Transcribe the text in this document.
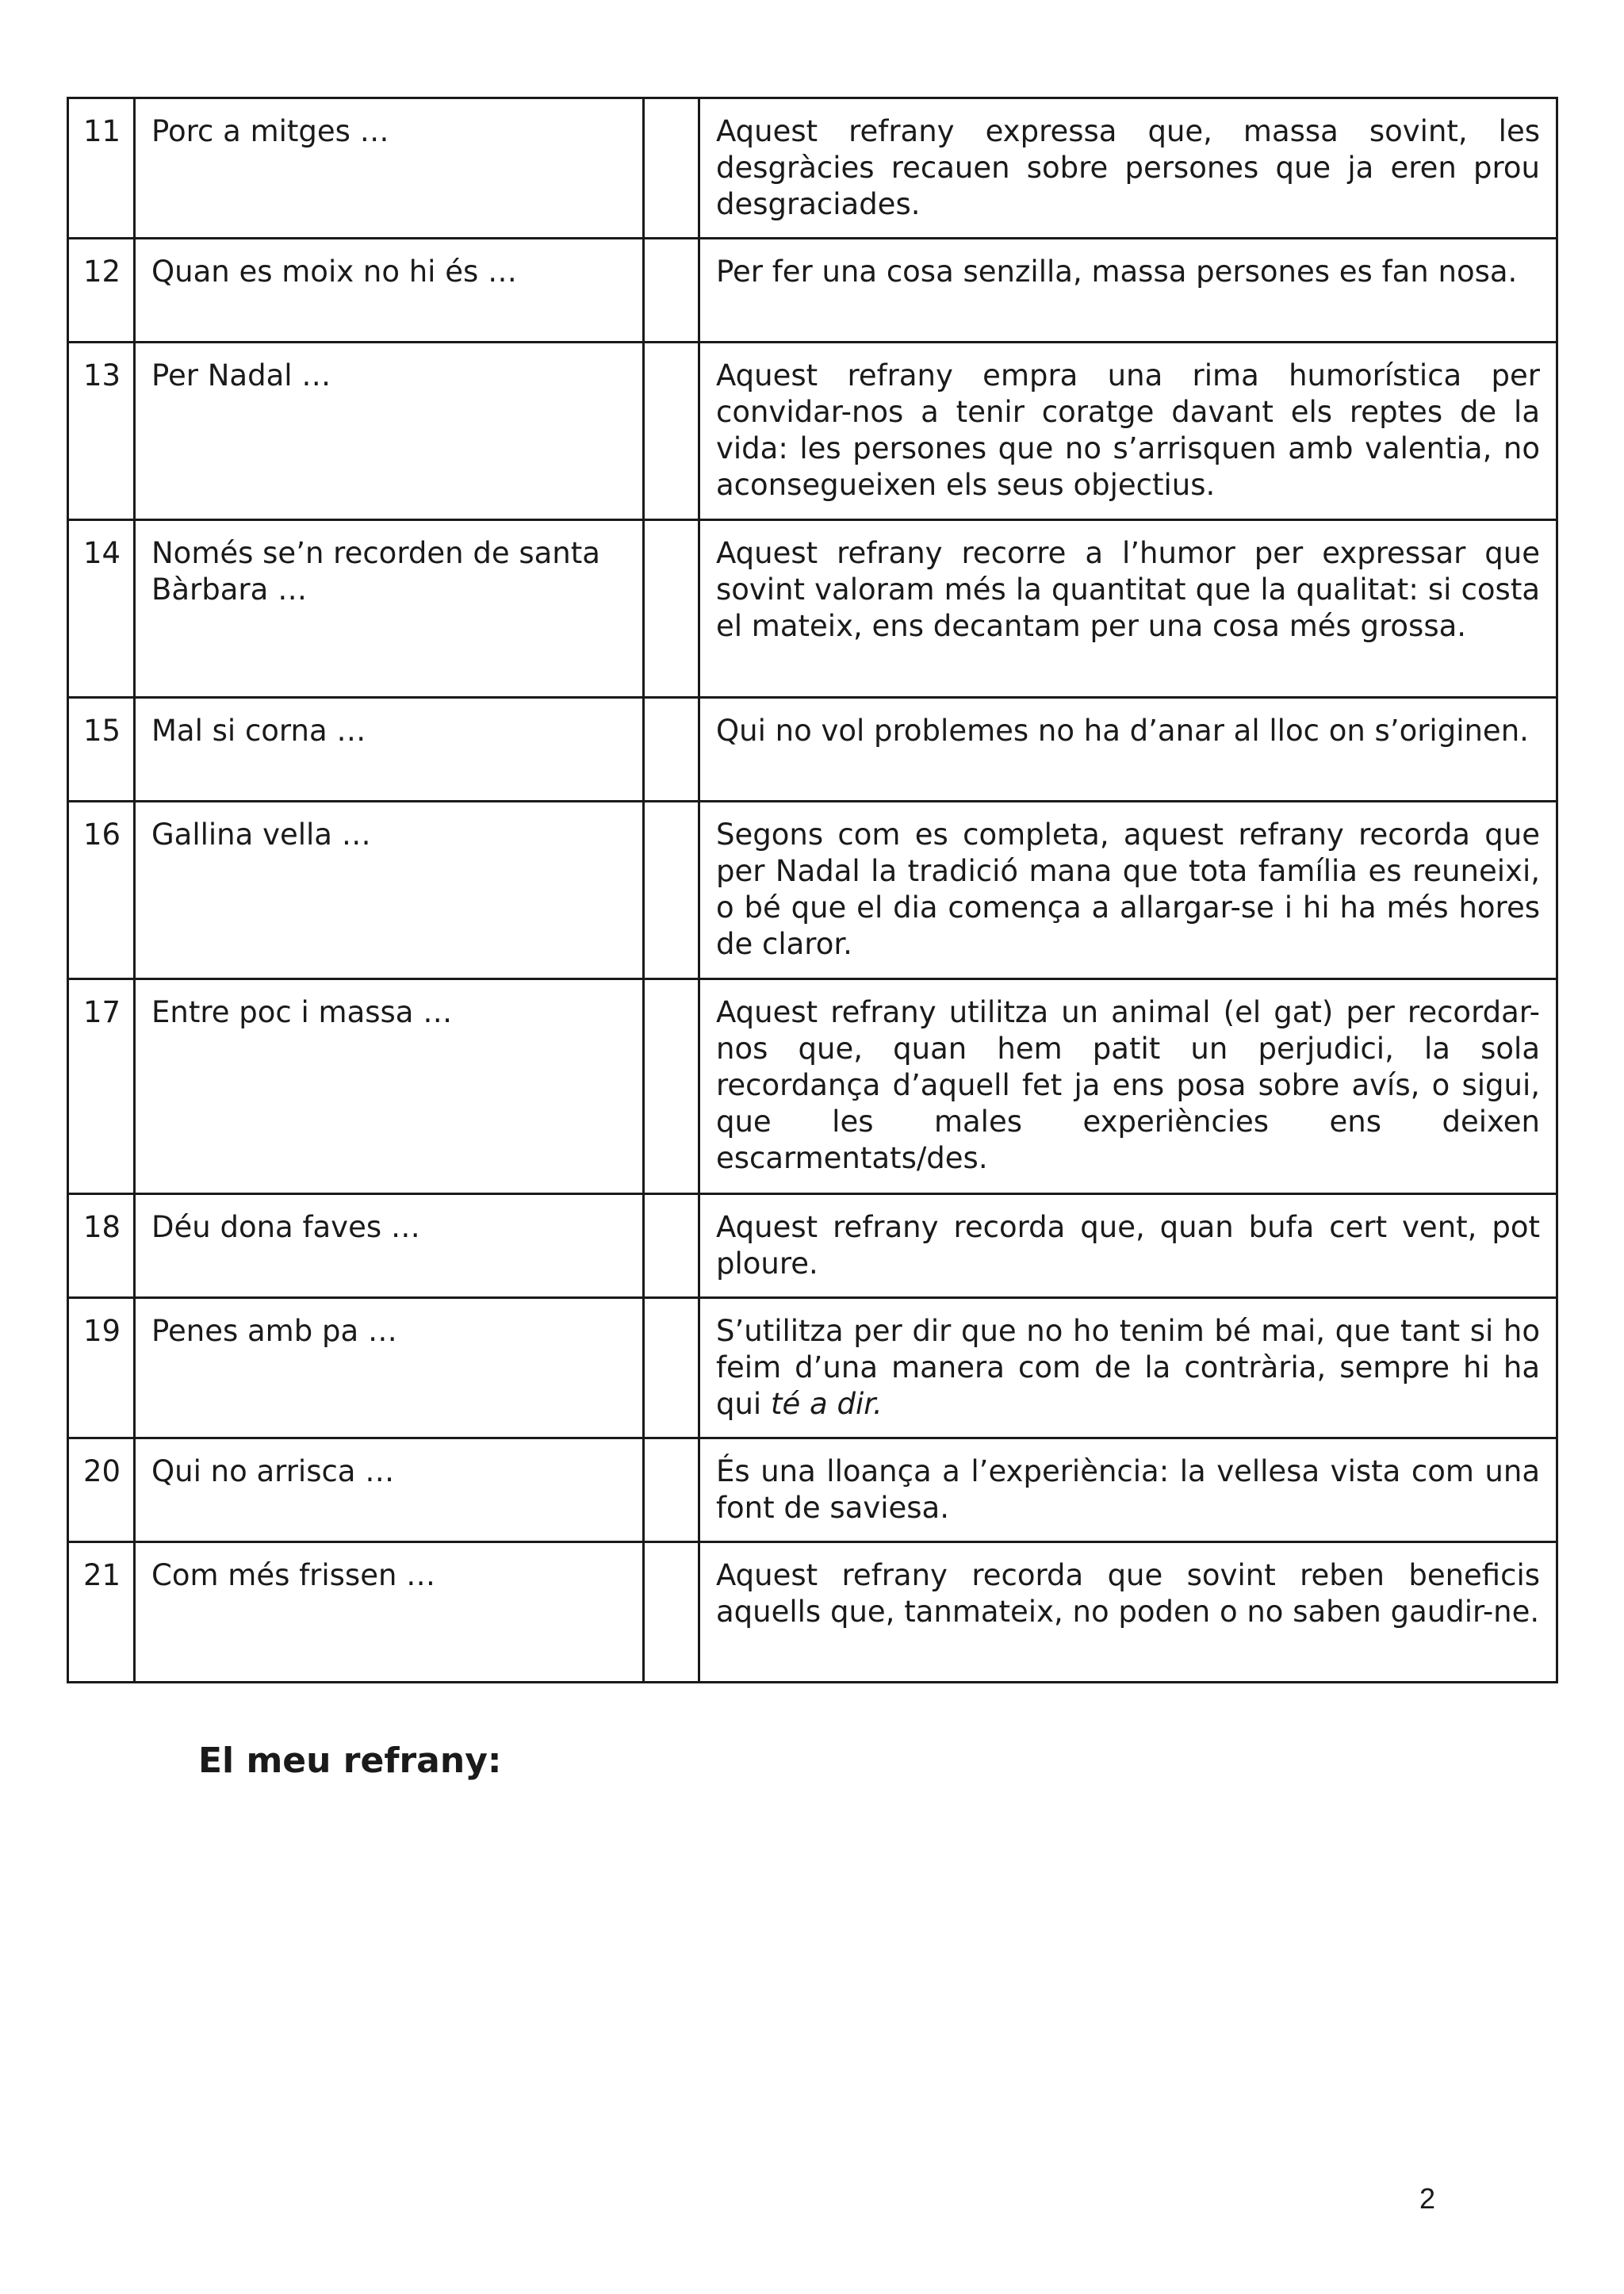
11	Porc a mitges …		Aquest refrany expressa que, massa sovint, les desgràcies recauen sobre persones que ja eren prou desgraciades.
12	Quan es moix no hi és …		Per fer una cosa senzilla, massa persones es fan nosa.
13	Per Nadal …		Aquest refrany empra una rima humorística per convidar-nos a tenir coratge davant els reptes de la vida: les persones que no s’arrisquen amb valentia, no aconsegueixen els seus objectius.
14	Només se’n recorden de santa Bàrbara …		Aquest refrany recorre a l’humor per expressar que sovint valoram més la quantitat que la qualitat: si costa el mateix, ens decantam per una cosa més grossa.
15	Mal si corna …		Qui no vol problemes no ha d’anar al lloc on s’originen.
16	Gallina vella …		Segons com es completa, aquest refrany recorda que per Nadal la tradició mana que tota família es reuneixi, o bé que el dia comença a allargar-se i hi ha més hores de claror.
17	Entre poc i massa …		Aquest refrany utilitza un animal (el gat) per recordar-nos que, quan hem patit un perjudici, la sola recordança d’aquell fet ja ens posa sobre avís, o sigui, que les males experiències ens deixen escarmentats/des.
18	Déu dona faves …		Aquest refrany recorda que, quan bufa cert vent, pot ploure.
19	Penes amb pa …		S’utilitza per dir que no ho tenim bé mai, que tant si ho feim d’una manera com de la contrària, sempre hi ha qui té a dir.
20	Qui no arrisca …		És una lloança a l’experiència: la vellesa vista com una font de saviesa.
21	Com més frissen …		Aquest refrany recorda que sovint reben beneficis aquells que, tanmateix, no poden o no saben gaudir-ne.
El meu refrany:
2
